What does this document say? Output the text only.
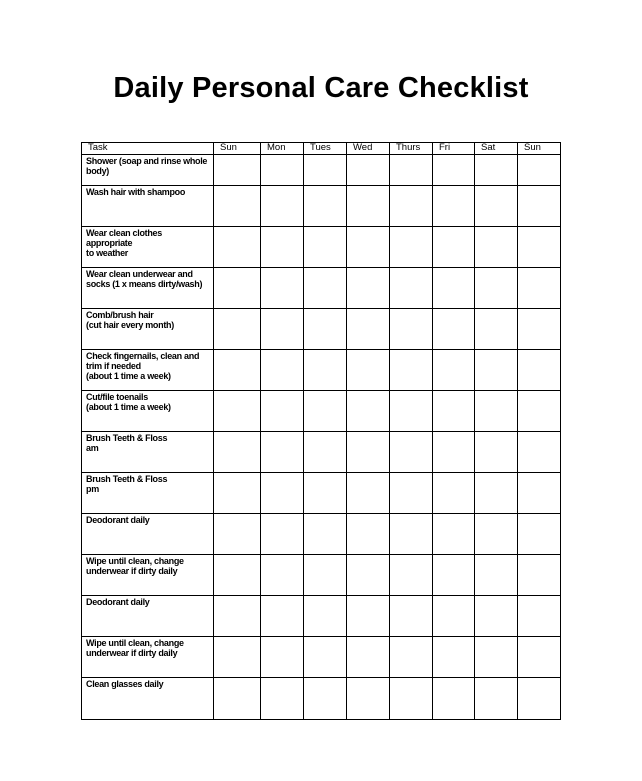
Daily Personal Care Checklist
Task	Sun	Mon	Tues	Wed	Thurs	Fri	Sat	Sun

Shower (soap and rinse whole
body)								

Wash hair with shampoo								

Wear clean clothes appropriate
to weather								

Wear clean underwear and
socks (1 x means dirty/wash)								

Comb/brush hair
(cut hair every month)								

Check fingernails, clean and
trim if needed
(about 1 time a week)								

Cut/file toenails
(about 1 time a week)								

Brush Teeth & Floss
am								

Brush Teeth & Floss
pm								

Deodorant daily								

Wipe until clean, change
underwear if dirty daily								

Deodorant daily								

Wipe until clean, change
underwear if dirty daily								

Clean glasses daily								
